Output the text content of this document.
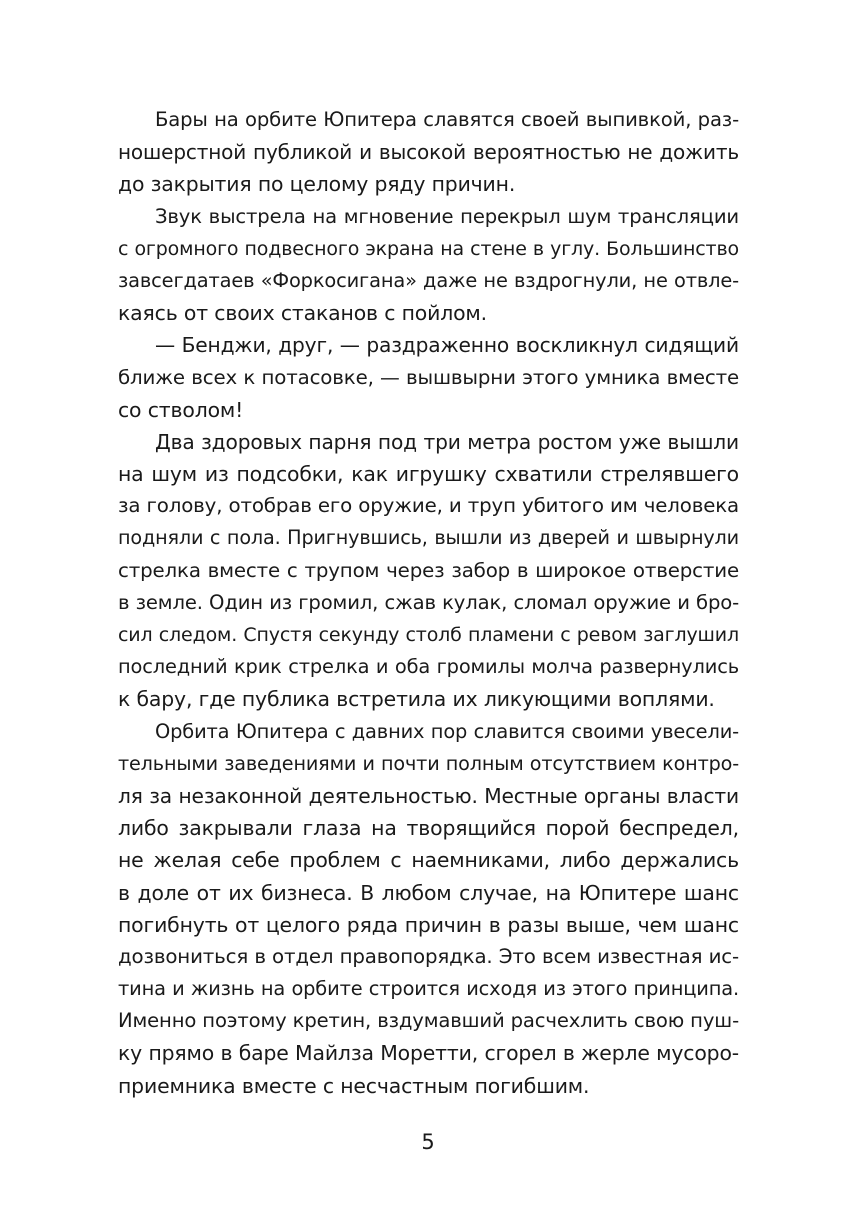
Бары на орбите Юпитера славятся своей выпивкой, раз-
ношерстной публикой и высокой вероятностью не дожить
до закрытия по целому ряду причин.
Звук выстрела на мгновение перекрыл шум трансляции
с огромного подвесного экрана на стене в углу. Большинство
завсегдатаев «Форкосигана» даже не вздрогнули, не отвле-
каясь от своих стаканов с пойлом.
— Бенджи, друг, — раздраженно воскликнул сидящий
ближе всех к потасовке, — вышвырни этого умника вместе
со стволом!
Два здоровых парня под три метра ростом уже вышли
на шум из подсобки, как игрушку схватили стрелявшего
за голову, отобрав его оружие, и труп убитого им человека
подняли с пола. Пригнувшись, вышли из дверей и швырнули
стрелка вместе с трупом через забор в широкое отверстие
в земле. Один из громил, сжав кулак, сломал оружие и бро-
сил следом. Спустя секунду столб пламени с ревом заглушил
последний крик стрелка и оба громилы молча развернулись
к бару, где публика встретила их ликующими воплями.
Орбита Юпитера с давних пор славится своими увесели-
тельными заведениями и почти полным отсутствием контро-
ля за незаконной деятельностью. Местные органы власти
либо закрывали глаза на творящийся порой беспредел,
не желая себе проблем с наемниками, либо держались
в доле от их бизнеса. В любом случае, на Юпитере шанс
погибнуть от целого ряда причин в разы выше, чем шанс
дозвониться в отдел правопорядка. Это всем известная ис-
тина и жизнь на орбите строится исходя из этого принципа.
Именно поэтому кретин, вздумавший расчехлить свою пуш-
ку прямо в баре Майлза Моретти, сгорел в жерле мусоро-
приемника вместе с несчастным погибшим.
5
